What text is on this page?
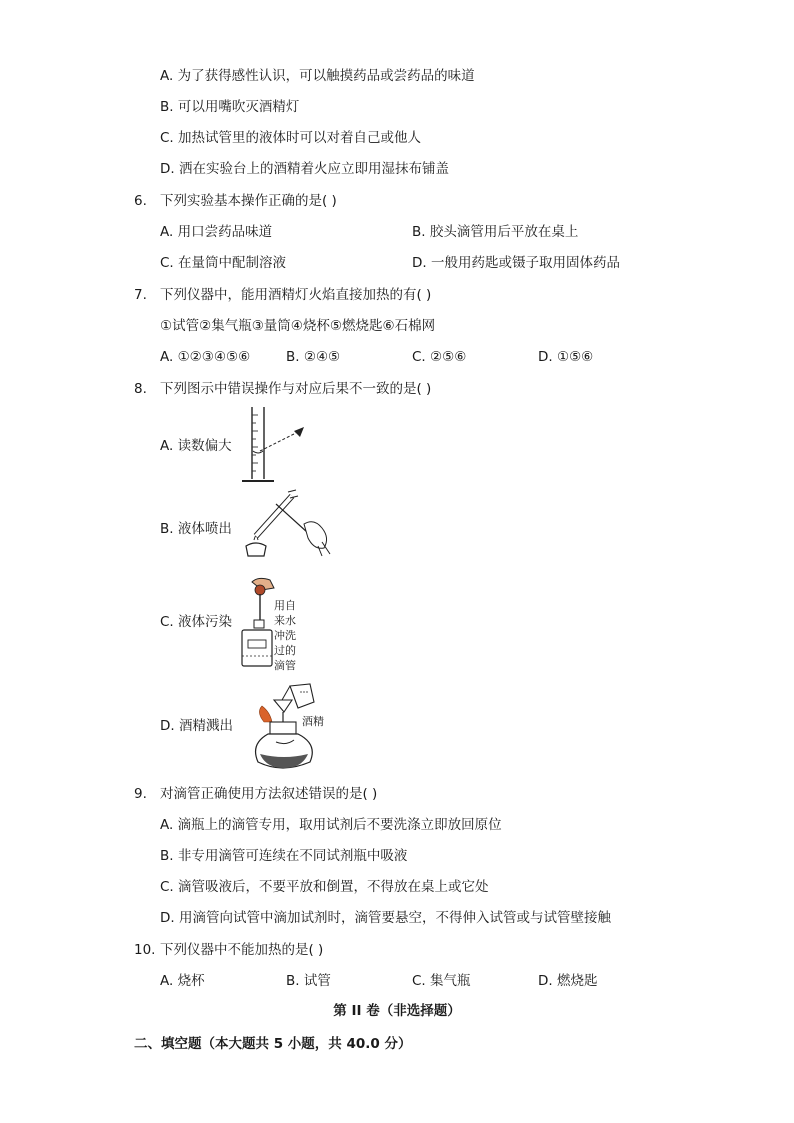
A. 为了获得感性认识，可以触摸药品或尝药品的味道
B. 可以用嘴吹灭酒精灯
C. 加热试管里的液体时可以对着自己或他人
D. 洒在实验台上的酒精着火应立即用湿抹布铺盖
6. 下列实验基本操作正确的是( )
A. 用口尝药品味道	B. 胶头滴管用后平放在桌上
C. 在量筒中配制溶液	D. 一般用药匙或镊子取用固体药品
7. 下列仪器中，能用酒精灯火焰直接加热的有( )
①试管②集气瓶③量筒④烧杯⑤燃烧匙⑥石棉网
A. ①②③④⑤⑥	B. ②④⑤	C. ②⑤⑥	D. ①⑤⑥
8. 下列图示中错误操作与对应后果不一致的是( )
A. 读数偏大
B. 液体喷出
C. 液体污染
用自
来水
冲洗
过的
滴管
D. 酒精溅出	酒精
9. 对滴管正确使用方法叙述错误的是( )
A. 滴瓶上的滴管专用，取用试剂后不要洗涤立即放回原位
B. 非专用滴管可连续在不同试剂瓶中吸液
C. 滴管吸液后，不要平放和倒置，不得放在桌上或它处
D. 用滴管向试管中滴加试剂时，滴管要悬空，不得伸入试管或与试管壁接触
10. 下列仪器中不能加热的是( )
A. 烧杯	B. 试管	C. 集气瓶	D. 燃烧匙
第 II 卷（非选择题）
二、填空题（本大题共 5 小题，共 40.0 分）
